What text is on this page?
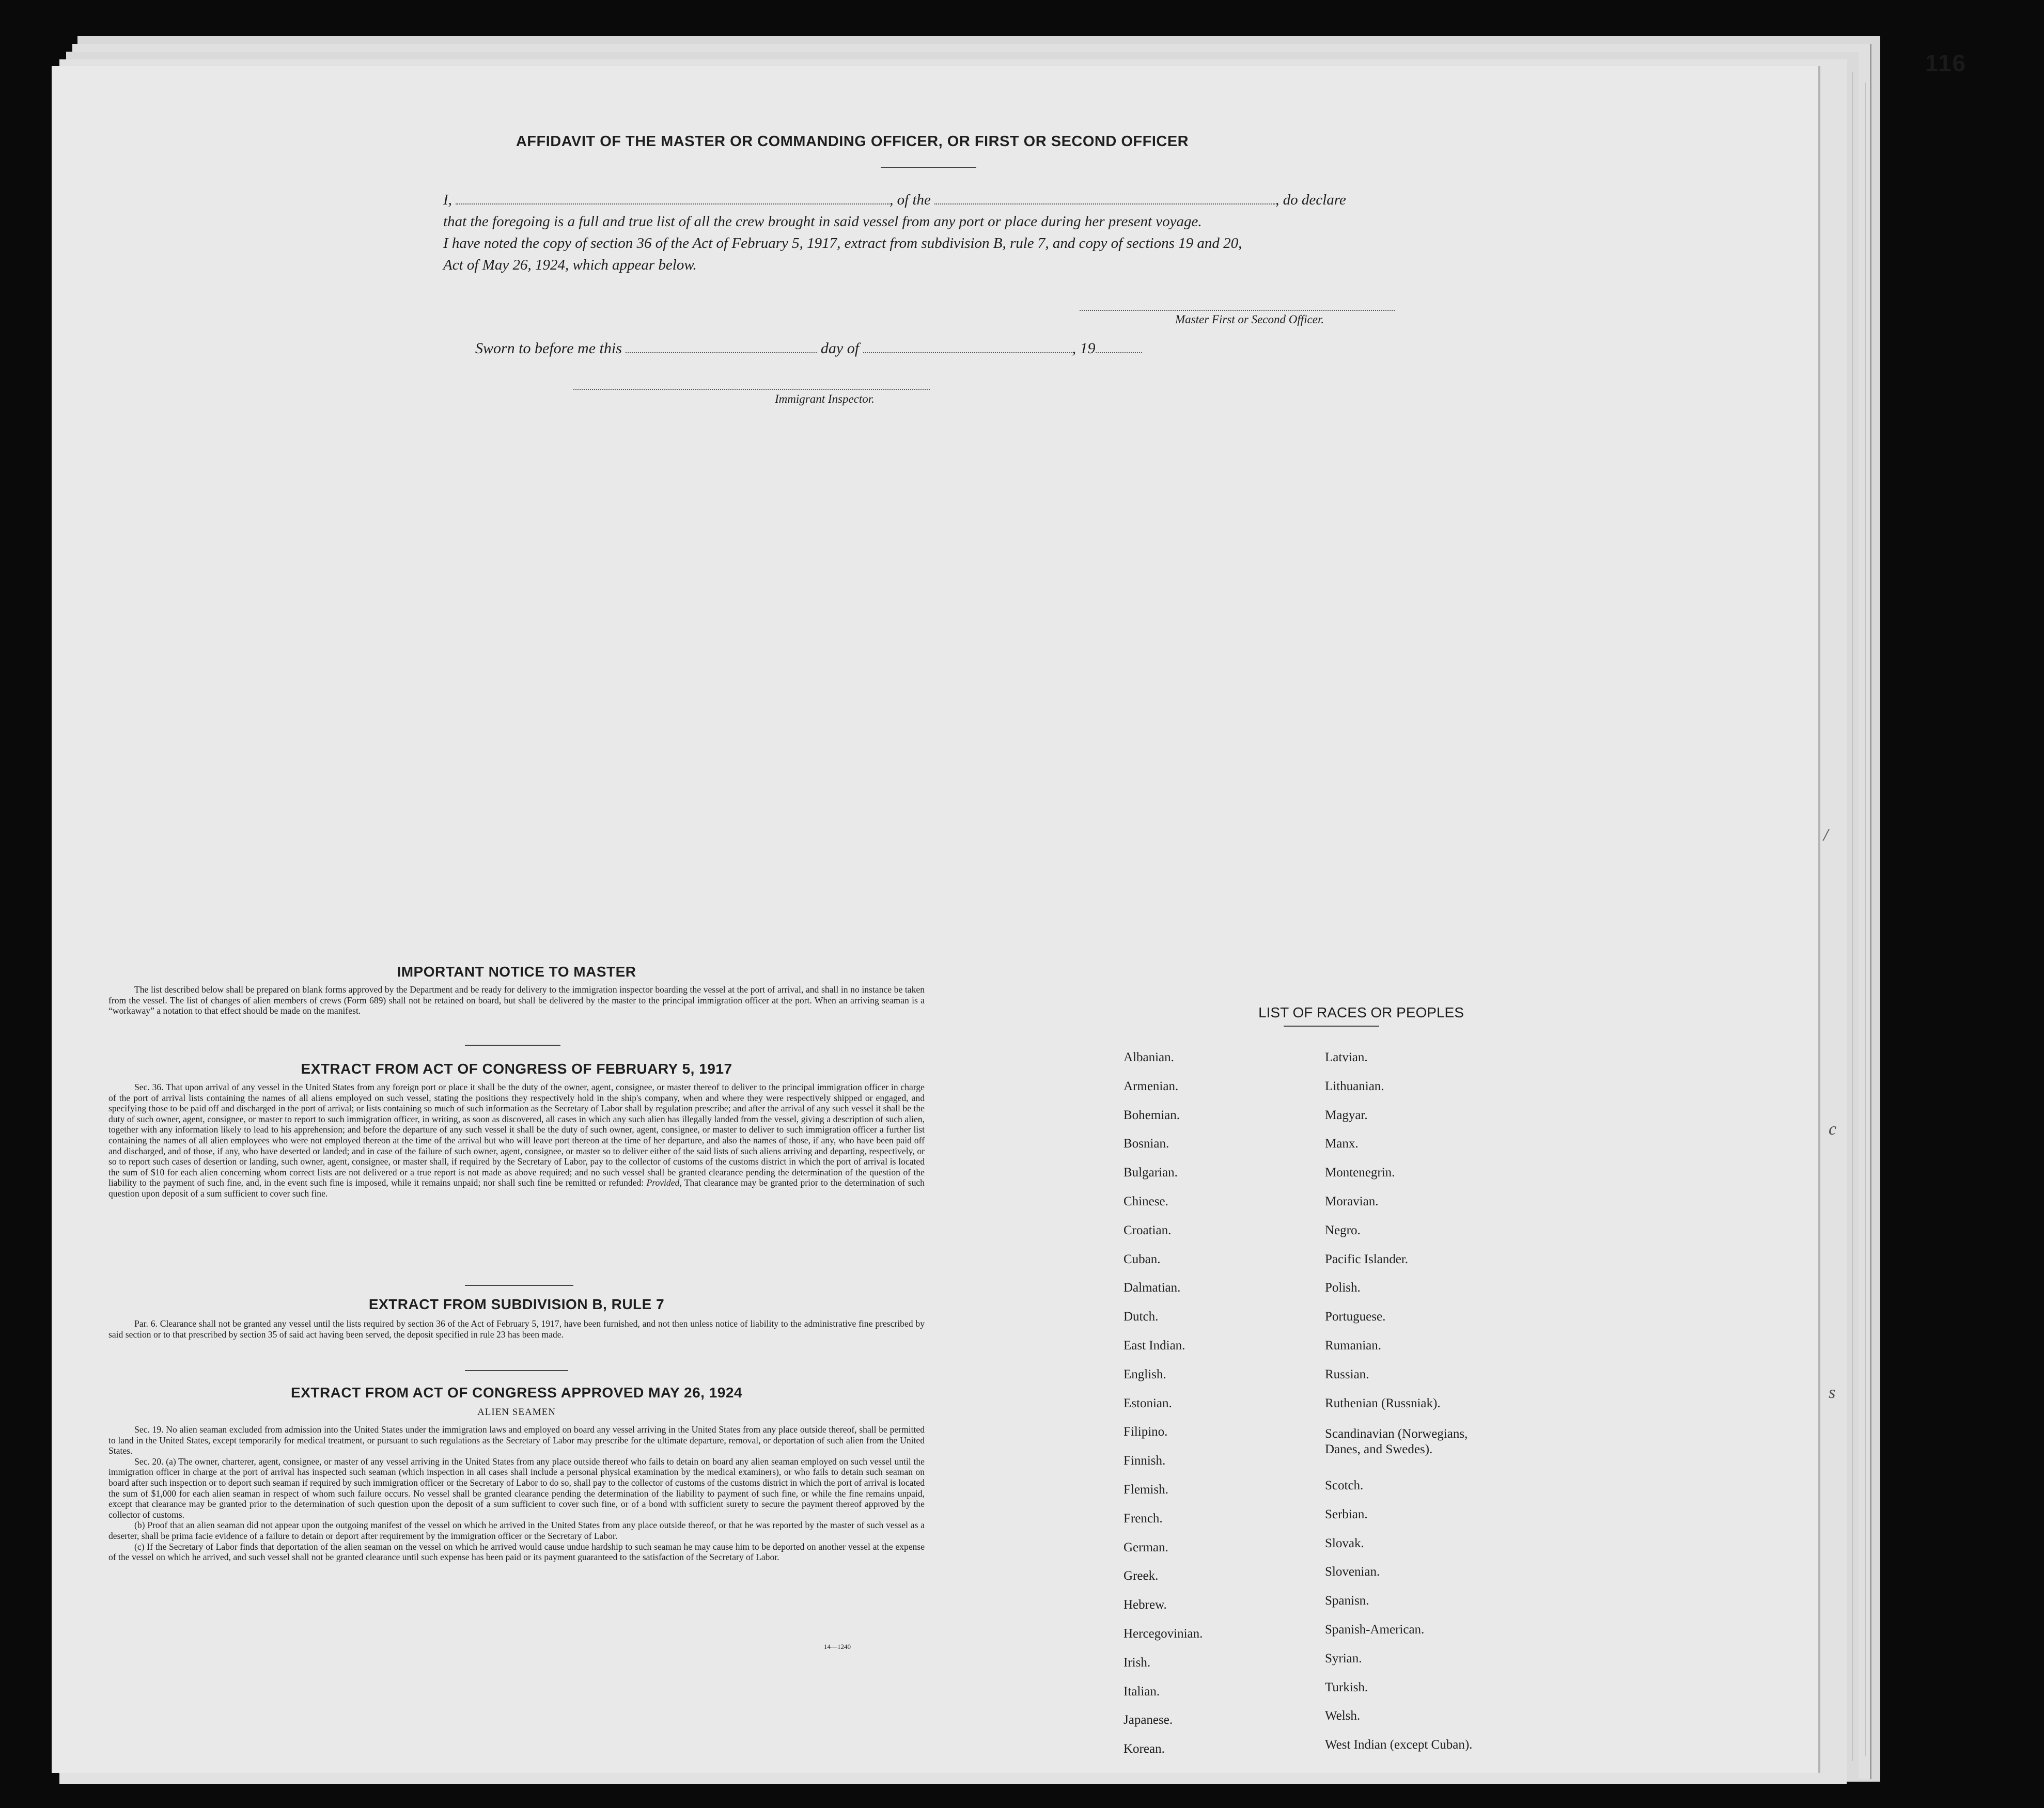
116
AFFIDAVIT OF THE MASTER OR COMMANDING OFFICER, OR FIRST OR SECOND OFFICER
I,	, of the	, do declare
that the foregoing is a full and true list of all the crew brought in said vessel from any port or place during her present voyage.
I have noted the copy of section 36 of the Act of February 5, 1917, extract from subdivision B, rule 7, and copy of sections 19 and 20,
Act of May 26, 1924, which appear below.
Master First or Second Officer.
Sworn to before me this	day of	, 19
Immigrant Inspector.
IMPORTANT NOTICE TO MASTER
The list described below shall be prepared on blank forms approved by the Department and be ready for delivery to the immigration inspector boarding the vessel at the port of arrival, and shall in no instance be taken from the vessel. The list of changes of alien members of crews (Form 689) shall not be retained on board, but shall be delivered by the master to the principal immigration officer at the port. When an arriving seaman is a “workaway” a notation to that effect should be made on the manifest.
EXTRACT FROM ACT OF CONGRESS OF FEBRUARY 5, 1917
Sec. 36. That upon arrival of any vessel in the United States from any foreign port or place it shall be the duty of the owner, agent, consignee, or master thereof to deliver to the principal immigration officer in charge of the port of arrival lists containing the names of all aliens employed on such vessel, stating the positions they respectively hold in the ship's company, when and where they were respectively shipped or engaged, and specifying those to be paid off and discharged in the port of arrival; or lists containing so much of such information as the Secretary of Labor shall by regulation prescribe; and after the arrival of any such vessel it shall be the duty of such owner, agent, consignee, or master to report to such immigration officer, in writing, as soon as discovered, all cases in which any such alien has illegally landed from the vessel, giving a description of such alien, together with any information likely to lead to his apprehension; and before the departure of any such vessel it shall be the duty of such owner, agent, consignee, or master to deliver to such immigration officer a further list containing the names of all alien employees who were not employed thereon at the time of the arrival but who will leave port thereon at the time of her departure, and also the names of those, if any, who have been paid off and discharged, and of those, if any, who have deserted or landed; and in case of the failure of such owner, agent, consignee, or master so to deliver either of the said lists of such aliens arriving and departing, respectively, or so to report such cases of desertion or landing, such owner, agent, consignee, or master shall, if required by the Secretary of Labor, pay to the collector of customs of the customs district in which the port of arrival is located the sum of $10 for each alien concerning whom correct lists are not delivered or a true report is not made as above required; and no such vessel shall be granted clearance pending the determination of the question of the liability to the payment of such fine, and, in the event such fine is imposed, while it remains unpaid; nor shall such fine be remitted or refunded: Provided, That clearance may be granted prior to the determination of such question upon deposit of a sum sufficient to cover such fine.
EXTRACT FROM SUBDIVISION B, RULE 7
Par. 6. Clearance shall not be granted any vessel until the lists required by section 36 of the Act of February 5, 1917, have been furnished, and not then unless notice of liability to the administrative fine prescribed by said section or to that prescribed by section 35 of said act having been served, the deposit specified in rule 23 has been made.
EXTRACT FROM ACT OF CONGRESS APPROVED MAY 26, 1924
ALIEN SEAMEN

Sec. 19. No alien seaman excluded from admission into the United States under the immigration laws and employed on board any vessel arriving in the United States from any place outside thereof, shall be permitted to land in the United States, except temporarily for medical treatment, or pursuant to such regulations as the Secretary of Labor may prescribe for the ultimate departure, removal, or deportation of such alien from the United States.

Sec. 20. (a) The owner, charterer, agent, consignee, or master of any vessel arriving in the United States from any place outside thereof who fails to detain on board any alien seaman employed on such vessel until the immigration officer in charge at the port of arrival has inspected such seaman (which inspection in all cases shall include a personal physical examination by the medical examiners), or who fails to detain such seaman on board after such inspection or to deport such seaman if required by such immigration officer or the Secretary of Labor to do so, shall pay to the collector of customs of the customs district in which the port of arrival is located the sum of $1,000 for each alien seaman in respect of whom such failure occurs. No vessel shall be granted clearance pending the determination of the liability to payment of such fine, or while the fine remains unpaid, except that clearance may be granted prior to the determination of such question upon the deposit of a sum sufficient to cover such fine, or of a bond with sufficient surety to secure the payment thereof approved by the collector of customs.

(b) Proof that an alien seaman did not appear upon the outgoing manifest of the vessel on which he arrived in the United States from any place outside thereof, or that he was reported by the master of such vessel as a deserter, shall be prima facie evidence of a failure to detain or deport after requirement by the immigration officer or the Secretary of Labor.

(c) If the Secretary of Labor finds that deportation of the alien seaman on the vessel on which he arrived would cause undue hardship to such seaman he may cause him to be deported on another vessel at the expense of the vessel on which he arrived, and such vessel shall not be granted clearance until such expense has been paid or its payment guaranteed to the satisfaction of the Secretary of Labor.

14—1240
LIST OF RACES OR PEOPLES
Albanian.
Armenian.
Bohemian.
Bosnian.
Bulgarian.
Chinese.
Croatian.
Cuban.
Dalmatian.
Dutch.
East Indian.
English.
Estonian.
Filipino.
Finnish.
Flemish.
French.
German.
Greek.
Hebrew.
Hercegovinian.
Irish.
Italian.
Japanese.
Korean.
Latvian.
Lithuanian.
Magyar.
Manx.
Montenegrin.
Moravian.
Negro.
Pacific Islander.
Polish.
Portuguese.
Rumanian.
Russian.
Ruthenian (Russniak).
Scandinavian (Norwegians,
Danes, and Swedes).
Scotch.
Serbian.
Slovak.
Slovenian.
Spanisn.
Spanish-American.
Syrian.
Turkish.
Welsh.
West Indian (except Cuban).
/
c
s
